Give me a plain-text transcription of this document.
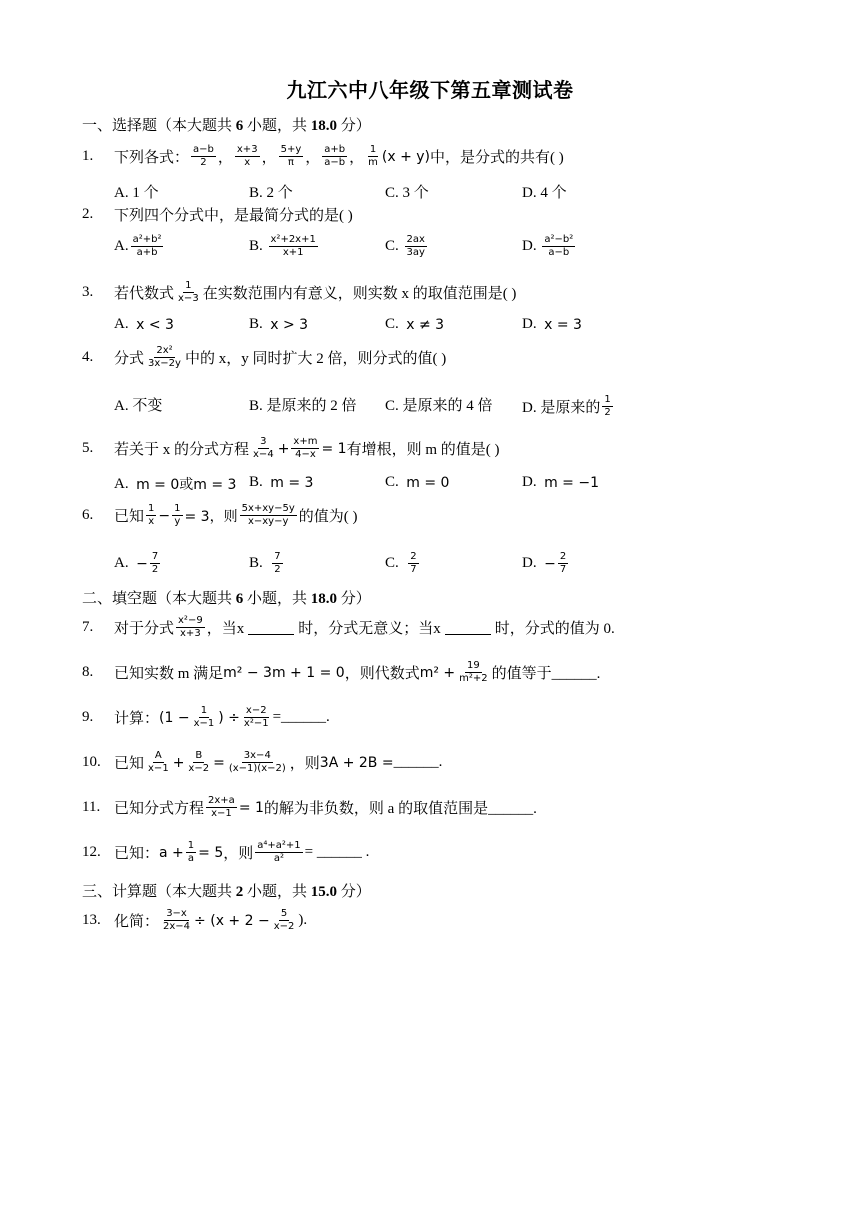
九江六中八年级下第五章测试卷
一、选择题（本大题共 6 小题，共 18.0 分）
1.	下列各式： $\frac{a-b}{2}$ ， $\frac{x+3}{x}$ ， $\frac{5+y}{\pi}$ ， $\frac{a+b}{a-b}$ ， $\frac{1}{m} (x + y)$ 中，是分式的共有( )
A. 1 个	B. 2 个	C. 3 个	D. 4 个
2.	下列四个分式中，是最简分式的是( )
A. $\frac{\text{a²+b²}}{a+b}$	B.
$\frac{\text{x²+2x+1}}{x+1}$	C.
$\frac{2ax}{3ay}$	D.
$\frac{\text{a²−b²}}{a-b}$
3.	若代数式 $\frac{1}{x-3}$ 在实数范围内有意义，则实数 x 的取值范围是( )
A.
x < 3	B.
x > 3	C.
x ≠ 3	D.
x = 3
4.	分式 $\frac{\text{2x²}}{3x-2y}$ 中的 x，y 同时扩大 2 倍，则分式的值( )
A. 不变	B. 是原来的 2 倍 C. 是原来的 4 倍 D. 是原来的 $\frac{1}{2}$
5.	若关于 x 的分式方程 $\frac{3}{x-4} + \frac{x+m}{4-x} = 1$ 有增根，则 m 的值是( )
A.
m = 0或m = 3 B.
m = 3	C.
m = 0	D.
m = −1
6.	已知 $\frac{1}{x} - \frac{1}{y} = 3$，则 $\frac{5x+xy-5y}{x-xy-y}$ 的值为( )
A.
− $\frac{7}{2}$	B.
$\frac{7}{2}$	C.
$\frac{2}{7}$	D.
− $\frac{2}{7}$
二、填空题（本大题共 6 小题，共 18.0 分）
7.	对于分式 $\frac{\text{x²−9}}{x+3}$ ，当x	时，分式无意义；当x	时，分式的值为 0.
8.	已知实数 m 满足 m² − 3m + 1 = 0 ，则代数式 $m^2 + \frac{19}{\text{m²+2}}$ 的值等于______.
9.	计算： ($1 - \frac{1}{x-1}$ ) ÷ $\frac{x-2}{\text{x²−1}}$ =______.
10. 已知 $\frac{A}{x-1} + \frac{B}{x-2} = \frac{3x-4}{(x-1)(x-2)}$ ，则 3A + 2B = ______.
11. 已知分式方程 $\frac{2x+a}{x-1} = 1$ 的解为非负数，则 a 的取值范围是______.
12. 已知： $a + \frac{1}{a} = 5$ ，则 $\frac{\text{a⁴+a²+1}}{\text{a²}}$ = ______ .
三、计算题（本大题共 2 小题，共 15.0 分）
13. 化简： $\frac{3-x}{2x-4} \div (x + 2 - \frac{5}{x-2}$ ).
